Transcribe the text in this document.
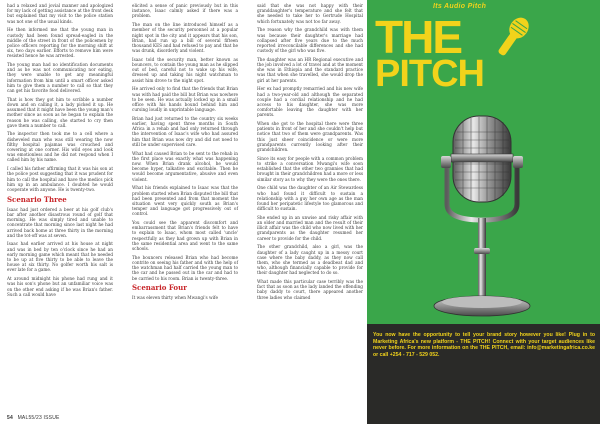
had a relaxed and jovial manner and apologized for my lack of getting assistance at the front desk but explained that my visit to the police station was not one of the usual kinds.

He then informed me that the young man in custody had been found spread-eagled in the middle of the street in front of the policemen by police officers reporting for the morning shift at six, two days earlier. Efforts to remove him were resisted hence he was arrested.

The young man had no identification documents and as he was not communicating nor eating, they were unable to get any meaningful information from him until a smart officer asked him to give them a number to call so that they can get his favorite food delivered.

That is how they got him to scribble a number down and on calling it, a lady picked it up. He assumed that it might have been the young man's mother since as soon as he began to explain the reason he was calling, she started to cry then gave them a number to call.

The inspector then took me to a cell where a disheveled man who was still wearing the now filthy hospital pajamas was crouched and cowering at one corner. His wild eyes and look was emotionless and he did not respond when I called him by his name.

I called his father affirming that it was his son at the police post suggesting that it was prudent for him to call the hospital and have the medics pick him up in an ambulance. I doubted he would cooperate with anyone. He is twenty-two.

Scenario Three

Isaac had just ordered a beer at his golf club's bar after another disastrous round of golf that morning. He was simply tired and unable to concentrate that morning since last night he had arrived back home at three thirty in the morning and the tot-off was at seven.

Isaac had earlier arrived at his house at night and was in bed by ten o'clock since he had an early morning game which meant that he needed to be up at five thirty to be able to leave the house at six thirty. No golfer worth his salt is ever late for a game.

At around midnight his phone had rung and it was his son's phone but an unfamiliar voice was on the other end asking if he was Brian's father. Such a call would have

elicited a sense of panic previously but in this instance, Isaac calmly asked if there was a problem.

The man on the line introduced himself as a member of the security personnel at a popular night spot in the city and it appears that his son, Brian, had run up a bill of several fifteen thousand KES and had refused to pay and that he was drunk, disorderly and violent.

Isaac told the security man, better known as bouncers, to contain the young man as he slipped out of bed, careful not to wake up his wife, dressed up and taking his night watchman to assist him drove to the night spot.

He arrived only to find that the friends that Brian was with had paid the bill but Brian was nowhere to be seen. He was actually locked up in a small office with his hands bound behind him and cursing loudly in unprintable language.

Brian had just returned to the country six weeks earlier, having spent three months in South Africa in a rehab and had only returned through the intervention of Isaac's wife who had assured him that Brian was now dry and did not need to still be under supervised care.

What had caused Brian to be sent to the rehab in the first place was exactly what was happening now. When Brian drank alcohol, he would become hyper, talkative and excitable. Then he would become argumentative, abusive and even violent.

What his friends explained to Isaac was that the problem started when Brian disputed the bill that had been presented and from that moment the situation went very quickly south as Brian's temper and language got progressively out of control.

You could see the apparent discomfort and embarrassment that Brian's friends felt to have to explain to Isaac, whom most called 'uncle' respectfully as they had grown up with Brian in the same residential area and went to the same schools.

The bouncers released Brian who had become contrite on seeing his father and with the help of the watchman had half carried the young man to the car and he passed out in the car and had to be carried to his room. Brian is twenty-three.

Scenario Four

It was eleven thirty when Mwangi's wife

said that she was not happy with their granddaughter's temperature and she felt that she needed to take her to Gertrude Hospital which fortunately was not too far away.

The reason why the grandchild was with them was because their daughter's marriage had collapsed after five years due to the much reported irreconcilable differences and she had custody of the girl who was five.

The daughter was an HR Regional executive and the job involved a lot of travel and at the moment she was in Ethiopia and the standard practice was that when she travelled, she would drop the girl at her parents.

Her ex had promptly remarried and his new wife had a two-year-old and although the separated couple had a cordial relationship and he had access to his daughter, she was more comfortable leaving the daughter with her parents.

When she got to the hospital there were three patients in front of her and she couldn't help but notice that two of them were grandparents. Was this just sheer coincidence or were more grandparents currently looking after their grandchildren.

Since its easy for people with a common problem to strike a conversation Mwangi's wife soon established that the other two grannies that had brought in their grandchildren had a more or less similar story as to why they were the ones there.

One child was the daughter of an Air Stewardess who had found it difficult to sustain a relationship with a guy her own age as the man found her peripatetic lifestyle too glamorous and difficult to sustain.

She ended up in an unwise and risky affair with an older and married man and the result of their illicit affair was the child who now lived with her grandparents as the daughter resumed her career to provide for the child.

The other grandchild, also a girl, was the daughter of a lady caught up in a messy court case where the baby daddy, as they now call them, who she termed as a deadbeat dad and who, although financially capable to provide for their daughter had neglected to do so.

What made this particular case terribly was the fact that as soon as the lady landed the offending baby daddy to court, there appeared another three ladies who claimed

54 MAL55/23 ISSUE
Its Audio Pitch
THE
PITCH
You now have the opportunity to tell your brand story however you like! Plug in to Marketing Africa's new platform - THE PITCH! Connect with your target audiences like never before. For more information on the THE PITCH, email: info@marketingafrica.co.ke or call +254 - 717 - 529 052.
